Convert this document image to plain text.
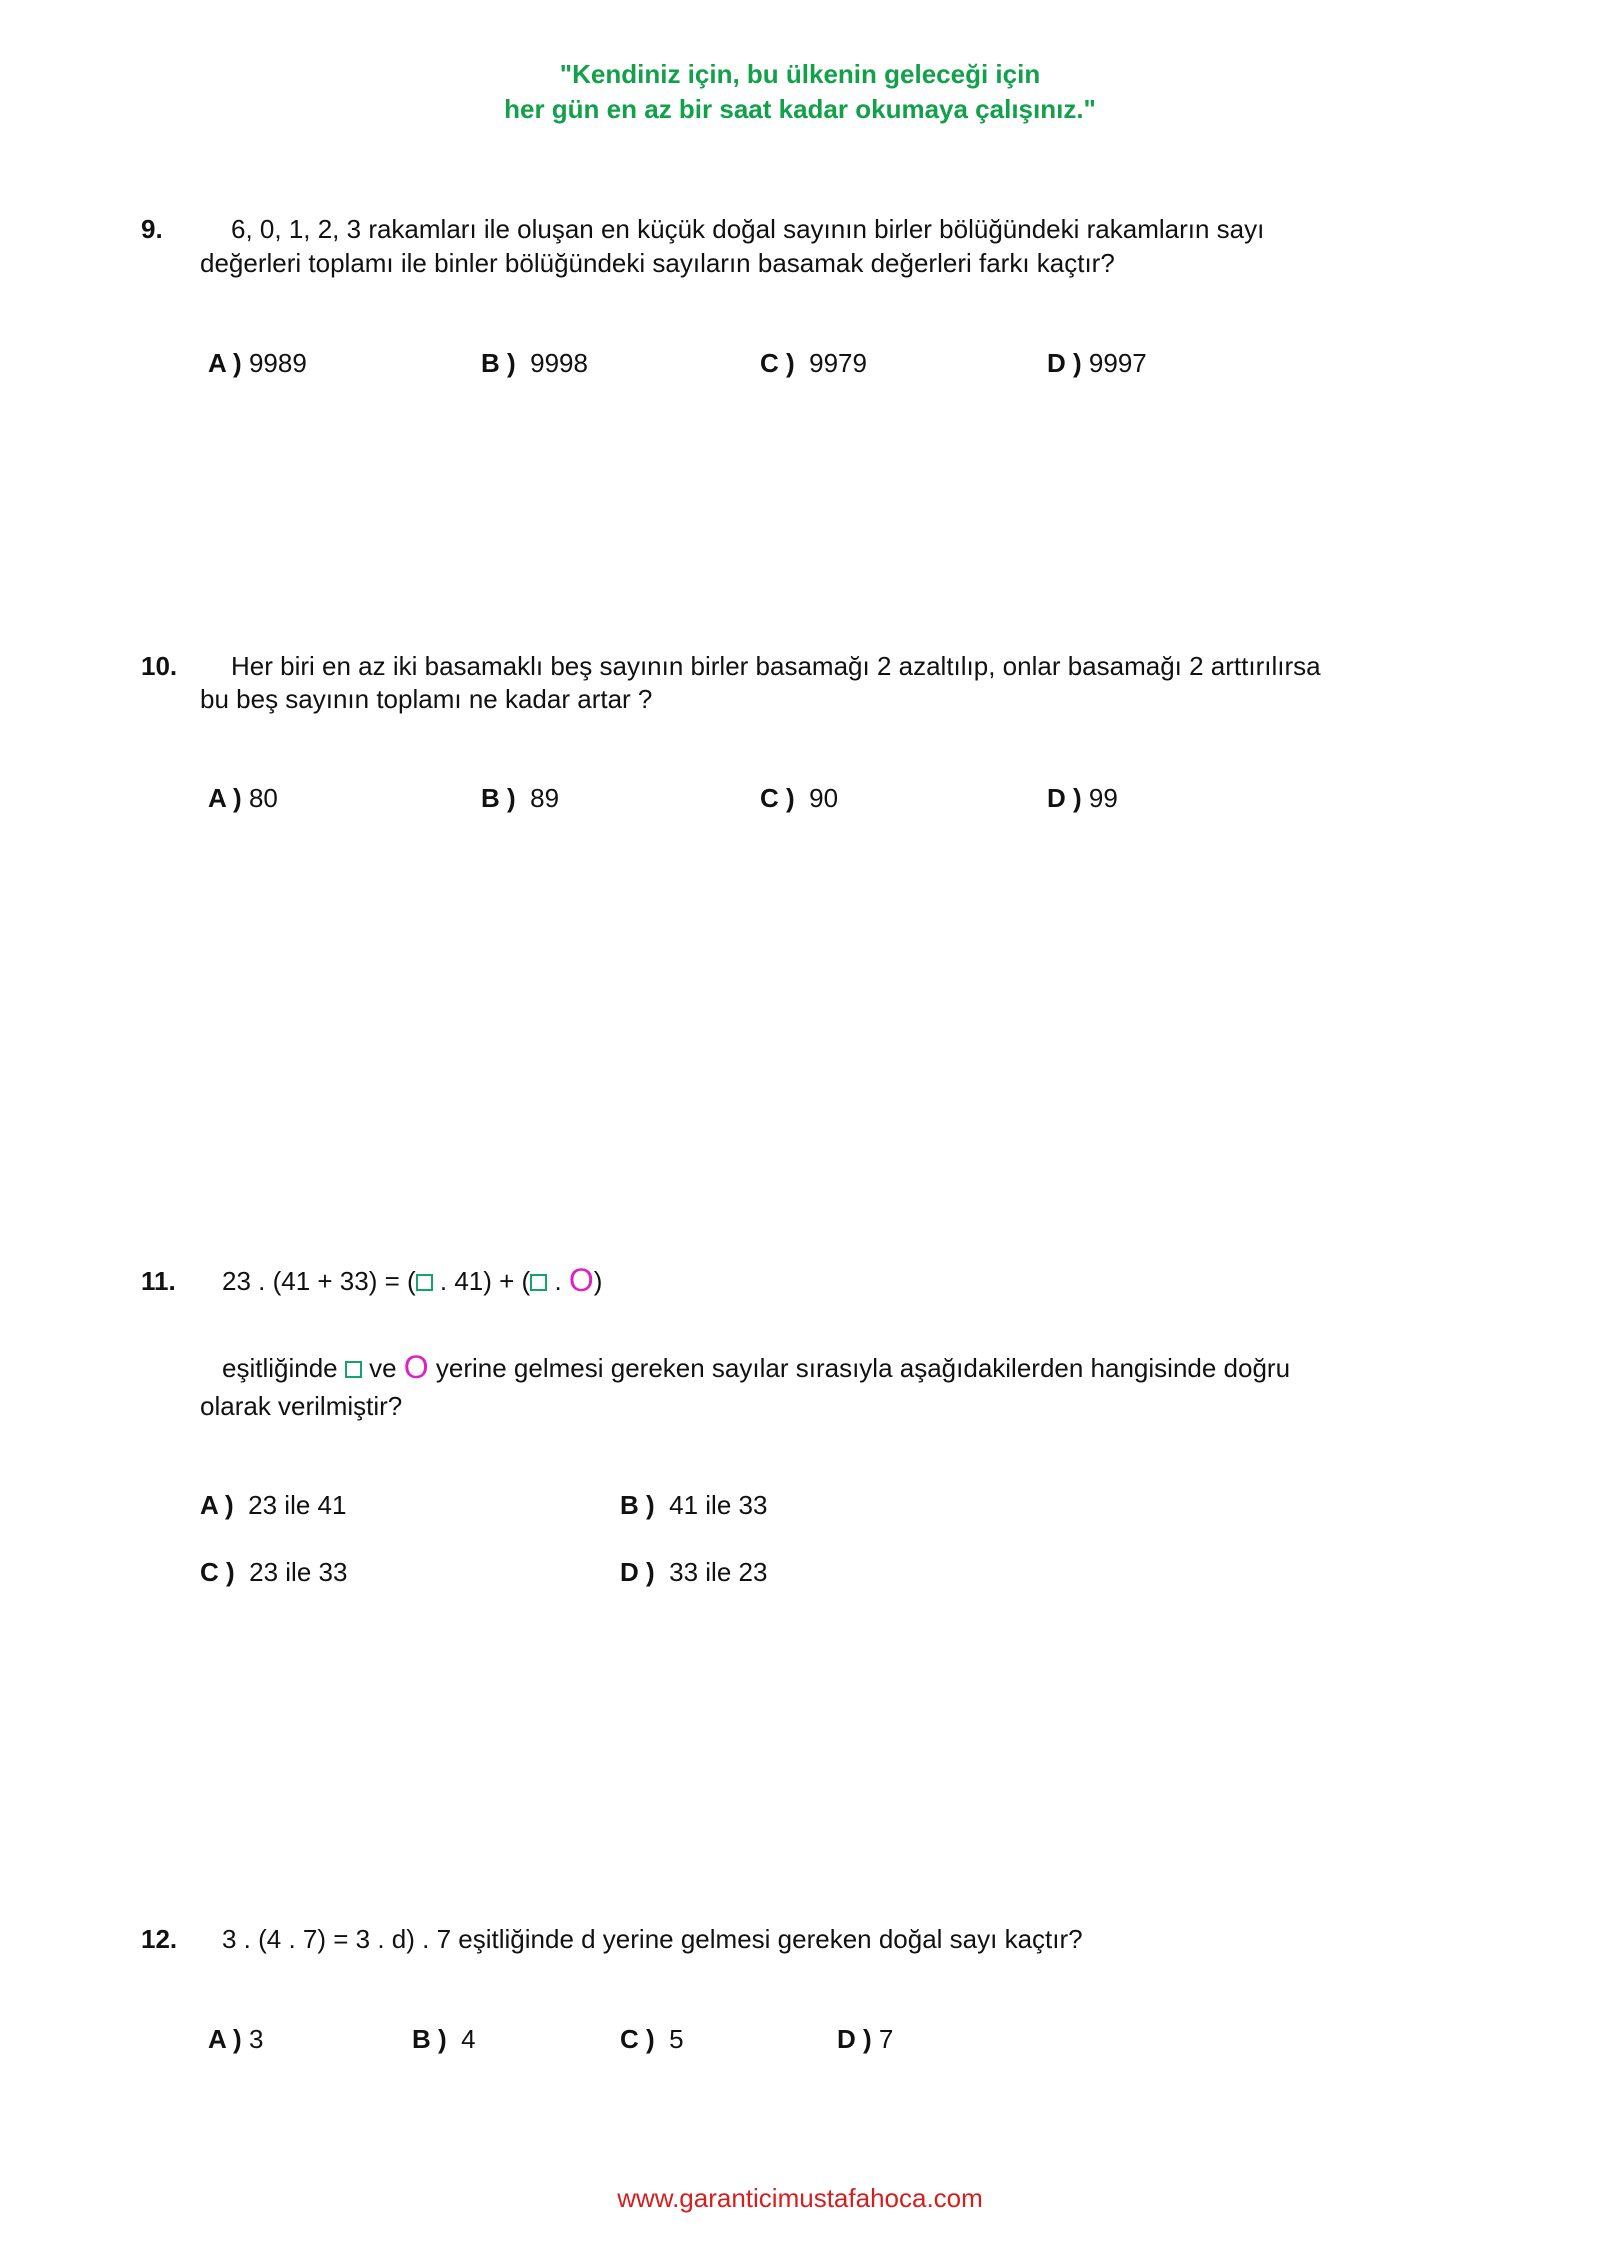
"Kendiniz için, bu ülkenin geleceği için
her gün en az bir saat kadar okumaya çalışınız."
9.	6, 0, 1, 2, 3 rakamları ile oluşan en küçük doğal sayının birler bölüğündeki rakamların sayı
değerleri toplamı ile binler bölüğündeki sayıların basamak değerleri farkı kaçtır?
A ) 9989	B ) 9998	C ) 9979	D ) 9997
10. Her biri en az iki basamaklı beş sayının birler basamağı 2 azaltılıp, onlar basamağı 2 arttırılırsa
bu beş sayının toplamı ne kadar artar ?
A ) 80	B ) 89	C ) 90	D ) 99
11. 23 . (41 + 33) = ( . 41) + ( . O)
eşitliğinde  ve O yerine gelmesi gereken sayılar sırasıyla aşağıdakilerden hangisinde doğru
olarak verilmiştir?
A ) 23 ile 41	B ) 41 ile 33
C ) 23 ile 33	D ) 33 ile 23
12. 3 . (4 . 7) = 3 . d) . 7 eşitliğinde d yerine gelmesi gereken doğal sayı kaçtır?
A ) 3	B ) 4	C ) 5	D ) 7
www.garanticimustafahoca.com
